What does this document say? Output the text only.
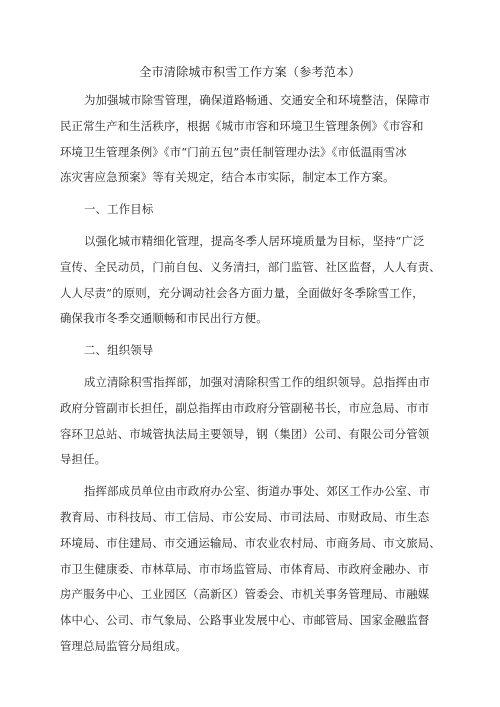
全市清除城市积雪工作方案（参考范本）
为加强城市除雪管理，确保道路畅通、交通安全和环境整洁，保障市
民正常生产和生活秩序，根据《城市市容和环境卫生管理条例》《市容和
环境卫生管理条例》《市“门前五包”责任制管理办法》《市低温雨雪冰
冻灾害应急预案》等有关规定，结合本市实际，制定本工作方案。
一、工作目标
以强化城市精细化管理，提高冬季人居环境质量为目标，坚持“广泛
宣传、全民动员，门前自包、义务清扫，部门监管、社区监督，人人有责、
人人尽责”的原则，充分调动社会各方面力量，全面做好冬季除雪工作，
确保我市冬季交通顺畅和市民出行方便。
二、组织领导
成立清除积雪指挥部，加强对清除积雪工作的组织领导。总指挥由市
政府分管副市长担任，副总指挥由市政府分管副秘书长，市应急局、市市
容环卫总站、市城管执法局主要领导，钢（集团）公司、有限公司分管领
导担任。
指挥部成员单位由市政府办公室、街道办事处、郊区工作办公室、市
教育局、市科技局、市工信局、市公安局、市司法局、市财政局、市生态
环境局、市住建局、市交通运输局、市农业农村局、市商务局、市文旅局、
市卫生健康委、市林草局、市市场监管局、市体育局、市政府金融办、市
房产服务中心、工业园区（高新区）管委会、市机关事务管理局、市融媒
体中心、公司、市气象局、公路事业发展中心、市邮管局、国家金融监督
管理总局监管分局组成。
